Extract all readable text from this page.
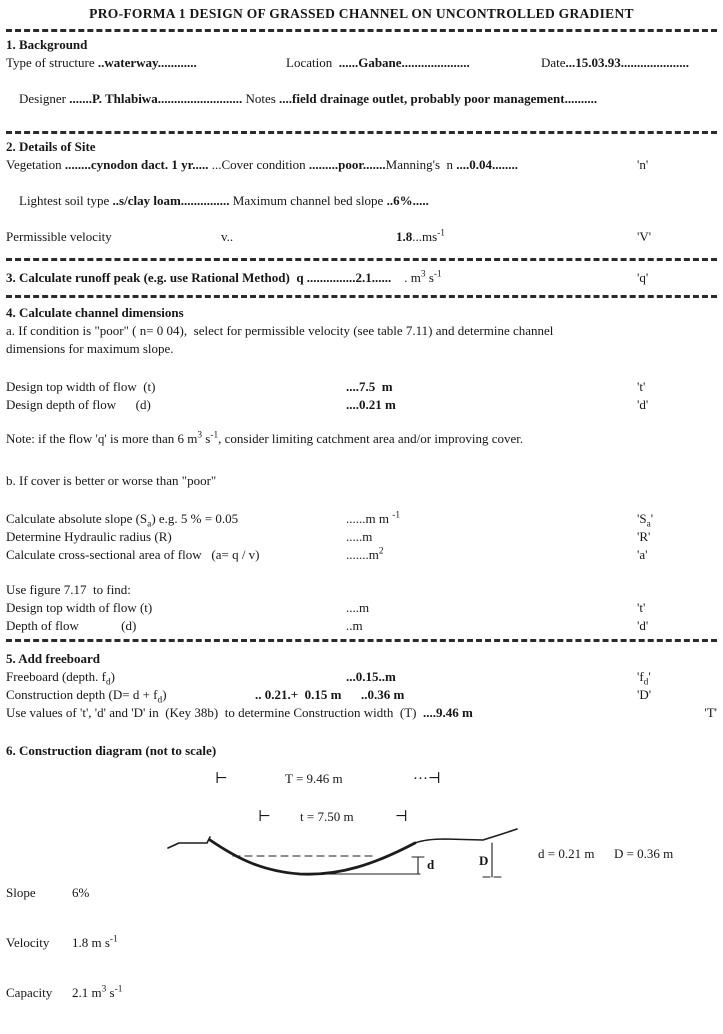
PRO-FORMA 1 DESIGN OF GRASSED CHANNEL ON UNCONTROLLED GRADIENT
1. Background
Type of structure ..waterway............	Location  ......Gabane.....................	Date...15.03.93.....................

Designer .......P. Thlabiwa.......................... Notes ....field drainage outlet, probably poor management..........

2. Details of Site
Vegetation ........cynodon dact. 1 yr..... ...Cover condition .........poor....... Manning's  n ....0.04........	'n'

Lightest soil type ..s/clay loam............... Maximum channel bed slope ..6%.....

Permissible velocity	v..	$1.8...ms^{-1}$	'V'
3. Calculate runoff peak (e.g. use Rational Method)  q ...............2.1...... . $m^3$ $s^{-1}$	'q'
4. Calculate channel dimensions
a. If condition is "poor" ( n= 0 04),  select for permissible velocity (see table 7.11) and determine channel
dimensions for maximum slope.
Design top width of flow  (t)	....7.5  m	't'
Design depth of flow      (d)	....0.21 m	'd'
Note: if the flow 'q' is more than 6 $m^3$ $s^{-1}$, consider limiting catchment area and/or improving cover.
b. If cover is better or worse than "poor"
Calculate absolute slope $(S_a)$ e.g. 5 % = 0.05	......m m $^{-1}$	'$S_a$'
Determine Hydraulic radius (R)	.....m	'R'
Calculate cross-sectional area of flow   (a= q / v)	$.......m^2$	'a'
Use figure 7.17  to find:
Design top width of flow (t)	....m	't'
Depth of flow             (d)	..m	'd'
5. Add freeboard
Freeboard (depth. $f_d$)	...0.15..m	'$f_d$'
Construction depth $(D= d + f_d)$	.. 0.21.+  0.15 m      ..0.36 m	'D'
Use values of 't', 'd' and 'D' in  (Key 38b)  to determine Construction width  (T) ....9.46 m	'T'
6. Construction diagram (not to scale)
⊢	T = 9.46 m	···⊣
⊢ t = 7.50 m	⊣
d	D	d = 0.21 m      D = 0.36 m

Slope	6%

Velocity	1.8 m $s^{-1}$

Capacity	2.1 $m^3$ $s^{-1}$
